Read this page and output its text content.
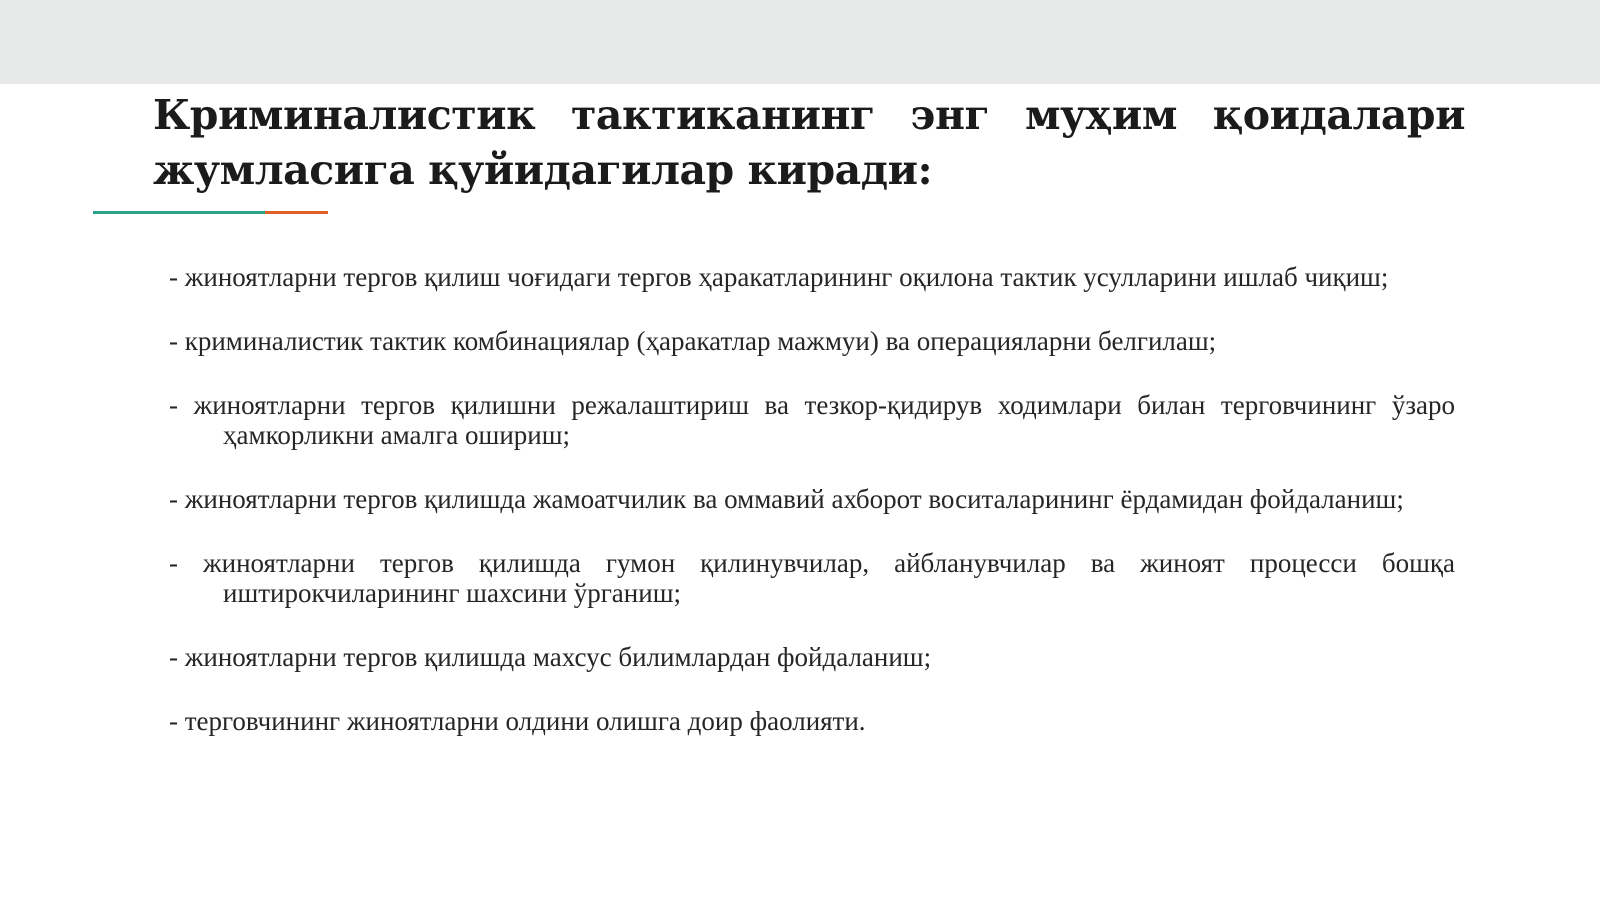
Криминалистик тактиканинг энг муҳим қоидалари жумласига қуйидагилар киради:
- жиноятларни тергов қилиш чоғидаги тергов ҳаракатларининг оқилона тактик усулларини ишлаб чиқиш;
- криминалистик тактик комбинациялар (ҳаракатлар мажмуи) ва операцияларни белгилаш;
- жиноятларни тергов қилишни режалаштириш ва тезкор-қидирув ходимлари билан терговчининг ўзаро ҳамкорликни амалга ошириш;
- жиноятларни тергов қилишда жамоатчилик ва оммавий ахборот воситаларининг ёрдамидан фойдаланиш;
- жиноятларни тергов қилишда гумон қилинувчилар, айбланувчилар ва жиноят процесси бошқа иштирокчиларининг шахсини ўрганиш;
- жиноятларни тергов қилишда махсус билимлардан фойдаланиш;
- терговчининг жиноятларни олдини олишга доир фаолияти.
